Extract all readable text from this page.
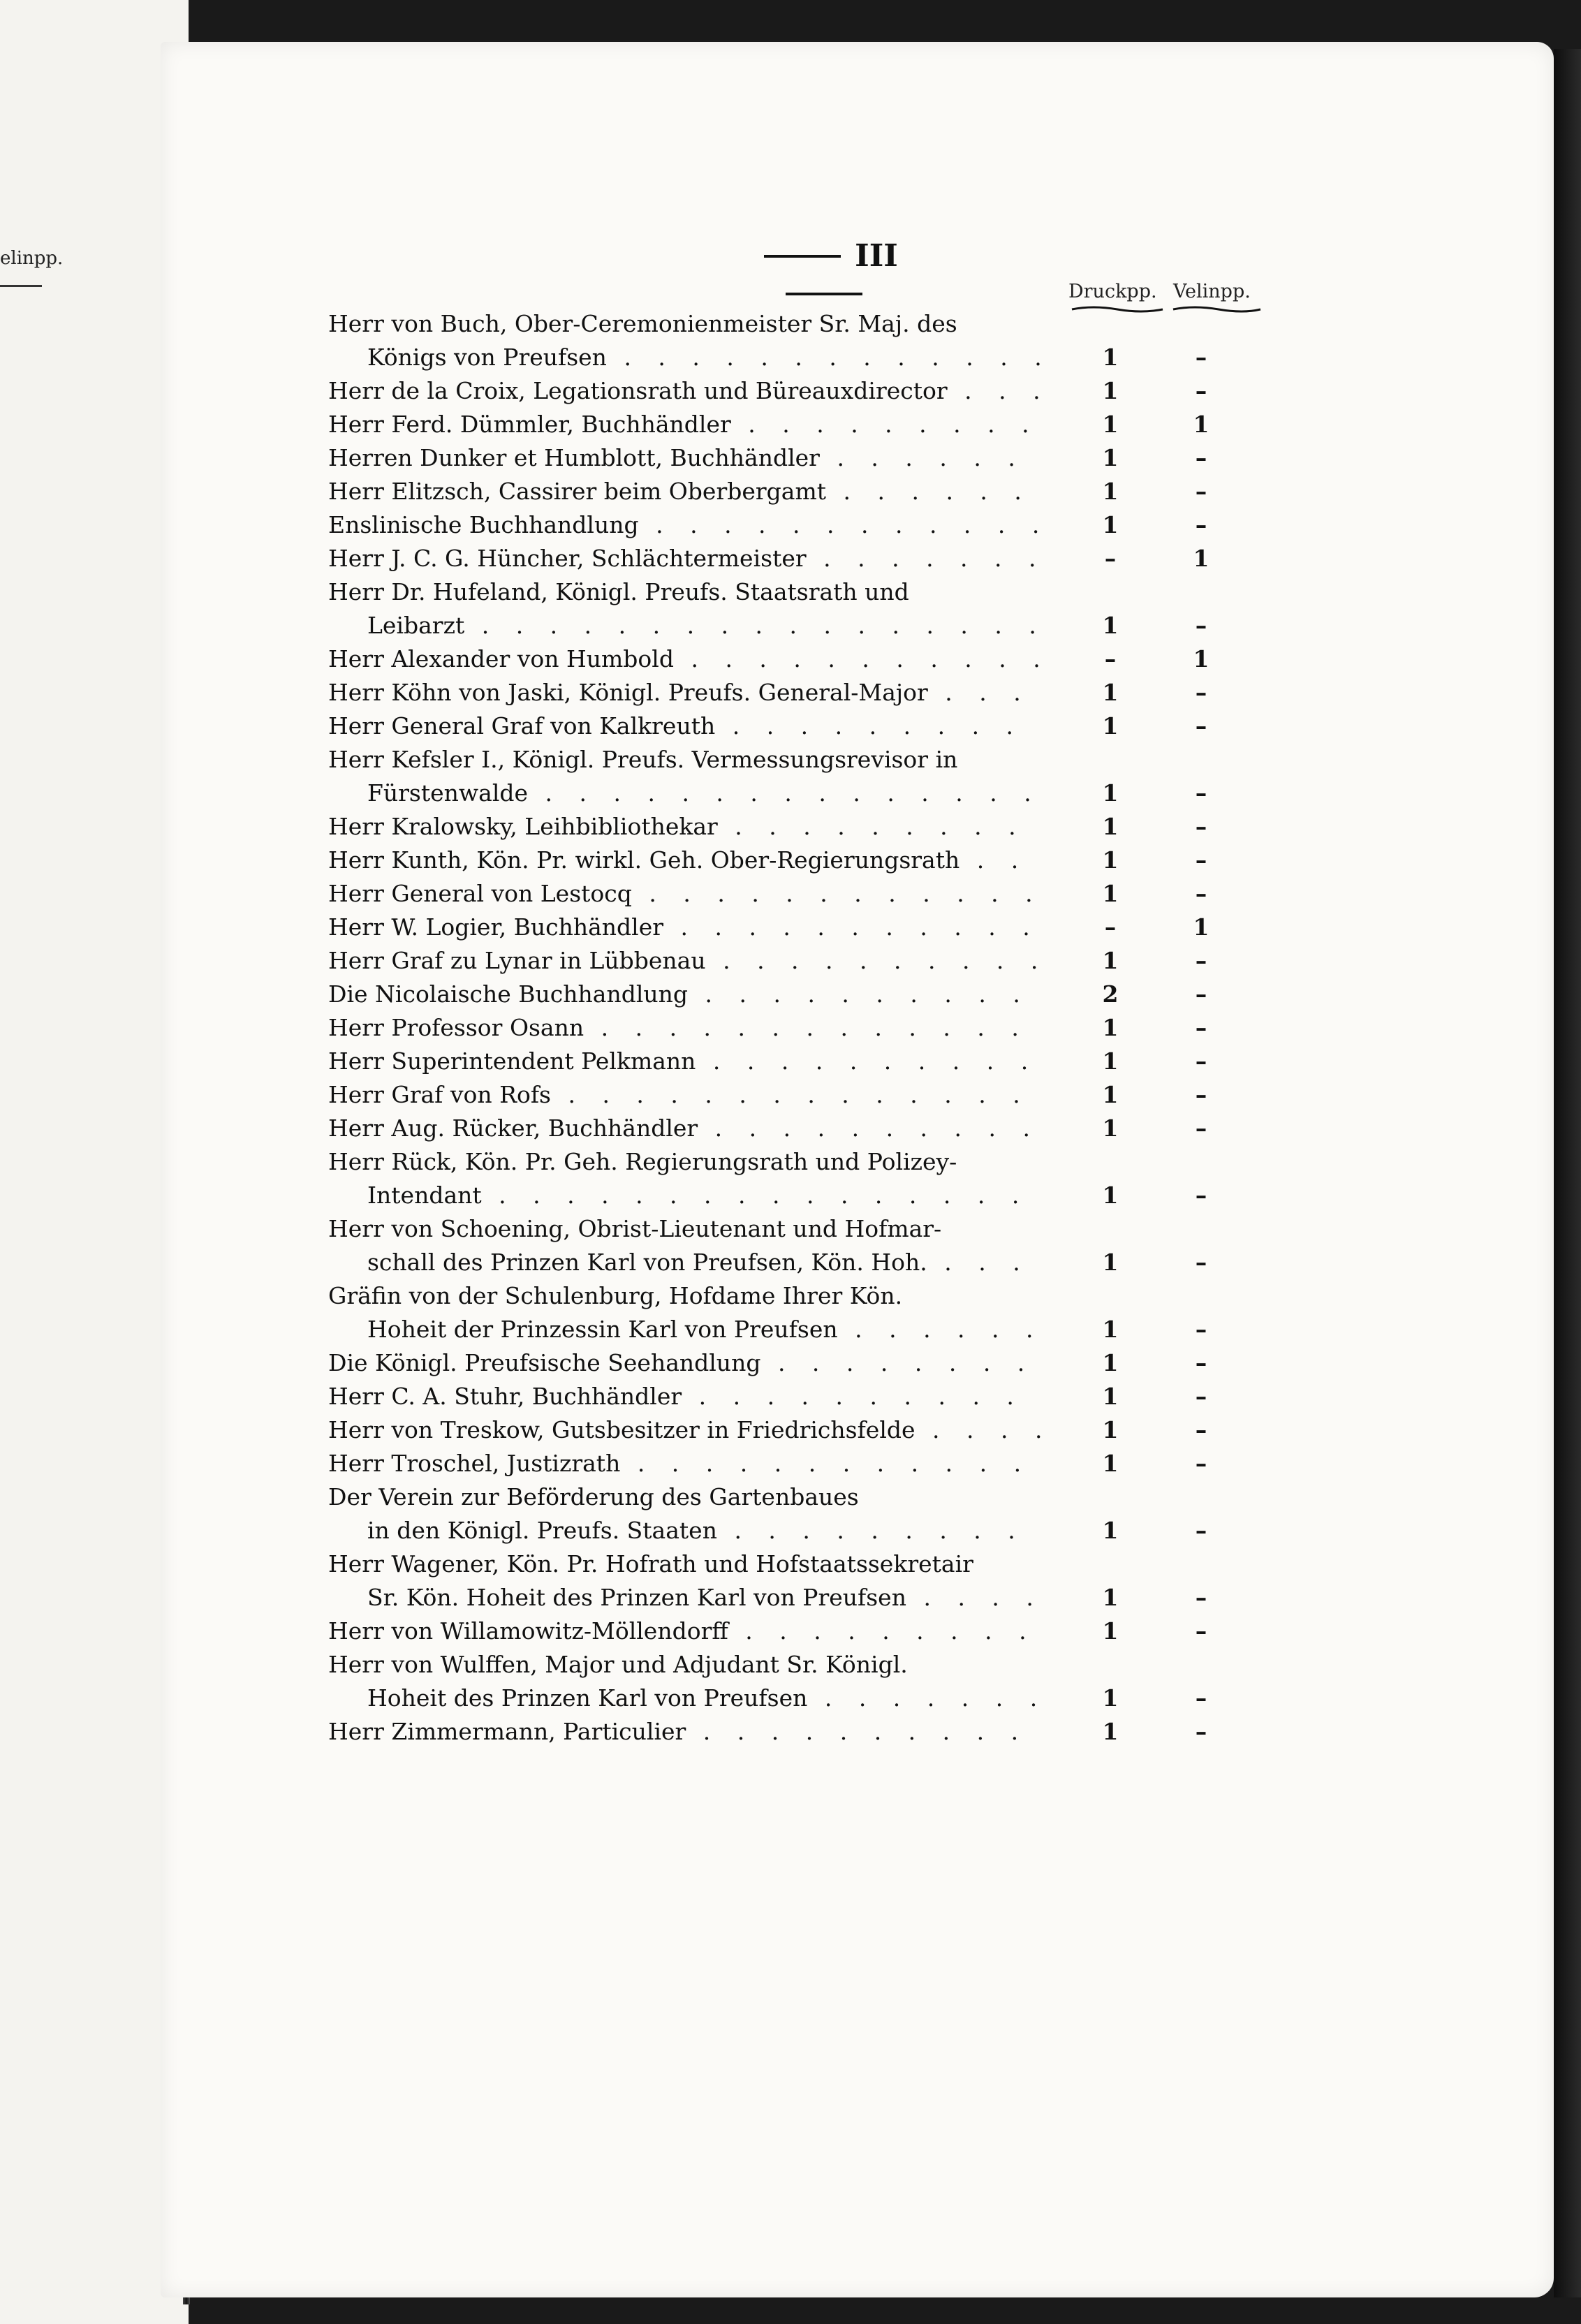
elinpp.	III
Druckpp. Velinpp.
Herr von Buch, Ober-Ceremonienmeister Sr. Maj. des
Königs von Preufsen . . .	1	–
Herr de la Croix, Legationsrath und Büreauxdirector . . .	1	–
Herr Ferd. Dümmler, Buchhändler . . .	1	1
Herren Dunker et Humblott, Buchhändler . . .	1	–
Herr Elitzsch, Cassirer beim Oberbergamt . . .	1	–
Enslinische Buchhandlung . . .	1	–
Herr J. C. G. Hüncher, Schlächtermeister . . .	–	1
Herr Dr. Hufeland, Königl. Preufs. Staatsrath und
Leibarzt . . .	1	–
Herr Alexander von Humbold . . .	–	1
Herr Köhn von Jaski, Königl. Preufs. General-Major . . .	1	–
Herr General Graf von Kalkreuth . . .	1	–
Herr Kefsler I., Königl. Preufs. Vermessungsrevisor in
Fürstenwalde . . .	1	–
Herr Kralowsky, Leihbibliothekar . . .	1	–
Herr Kunth, Kön. Pr. wirkl. Geh. Ober-Regierungsrath . . .	1	–
Herr General von Lestocq . . .	1	–
Herr W. Logier, Buchhändler . . .	–	1
Herr Graf zu Lynar in Lübbenau . . .	1	–
Die Nicolaische Buchhandlung . . .	2	–
Herr Professor Osann . . .	1	–
Herr Superintendent Pelkmann . . .	1	–
Herr Graf von Rofs . . .	1	–
Herr Aug. Rücker, Buchhändler . . .	1	–
Herr Rück, Kön. Pr. Geh. Regierungsrath und Polizey-
Intendant . . .	1	–
Herr von Schoening, Obrist-Lieutenant und Hofmar-
schall des Prinzen Karl von Preufsen, Kön. Hoh. . . .	1	–
Gräfin von der Schulenburg, Hofdame Ihrer Kön.
Hoheit der Prinzessin Karl von Preufsen . . .	1	–
Die Königl. Preufsische Seehandlung . . .	1	–
Herr C. A. Stuhr, Buchhändler . . .	1	–
Herr von Treskow, Gutsbesitzer in Friedrichsfelde . . .	1	–
Herr Troschel, Justizrath . . .	1	–
Der Verein zur Beförderung des Gartenbaues
in den Königl. Preufs. Staaten . . .	1	–
Herr Wagener, Kön. Pr. Hofrath und Hofstaatssekretair
Sr. Kön. Hoheit des Prinzen Karl von Preufsen . . .	1	–
Herr von Willamowitz-Möllendorff . . .	1	–
Herr von Wulffen, Major und Adjudant Sr. Königl.
Hoheit des Prinzen Karl von Preufsen . . .	1	–
Herr Zimmermann, Particulier . . .	1	–
